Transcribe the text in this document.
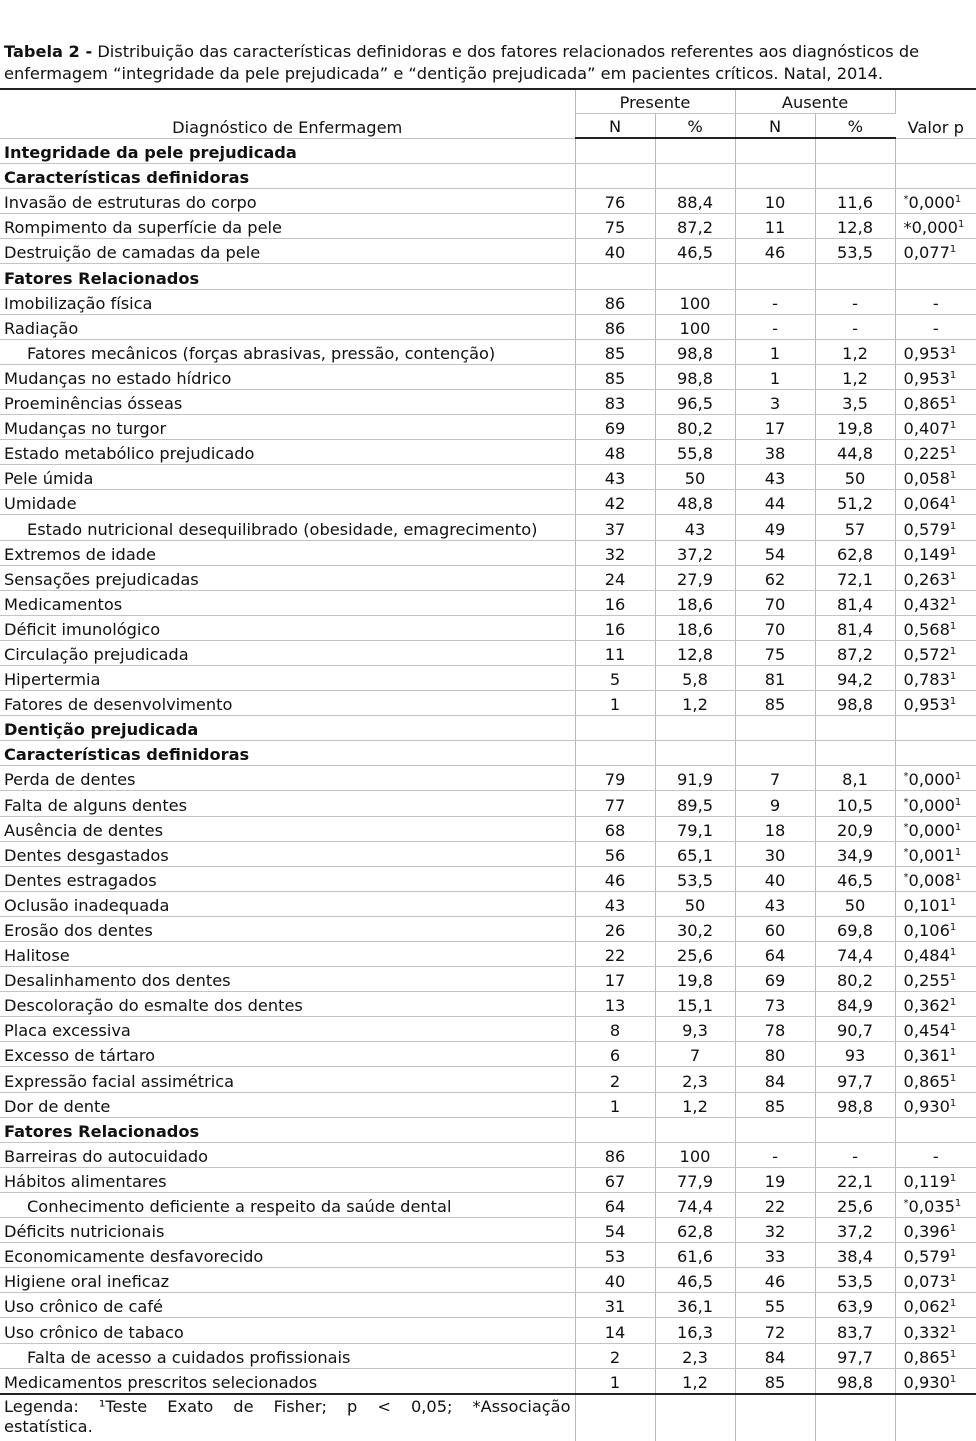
Tabela 2 - Distribuição das características definidoras e dos fatores relacionados referentes aos diagnósticos de enfermagem “integridade da pele prejudicada” e “dentição prejudicada” em pacientes críticos. Natal, 2014.
Diagnóstico de Enfermagem	Presente		Ausente		Valor p
	N	%	N	%	
Integridade da pele prejudicada					
Características definidoras					
Invasão de estruturas do corpo	76	88,4	10	11,6	*0,000$^1$
Rompimento da superfície da pele	75	87,2	11	12,8	*0,000$^1$
Destruição de camadas da pele	40	46,5	46	53,5	0,077$^1$
Fatores Relacionados					
Imobilização física	86	100	-	-	-
Radiação	86	100	-	-	-
Fatores mecânicos (forças abrasivas, pressão, contenção)	85	98,8	1	1,2	0,953$^1$
Mudanças no estado hídrico	85	98,8	1	1,2	0,953$^1$
Proeminências ósseas	83	96,5	3	3,5	0,865$^1$
Mudanças no turgor	69	80,2	17	19,8	0,407$^1$
Estado metabólico prejudicado	48	55,8	38	44,8	0,225$^1$
Pele úmida	43	50	43	50	0,058$^1$
Umidade	42	48,8	44	51,2	0,064$^1$
Estado nutricional desequilibrado (obesidade, emagrecimento)	37	43	49	57	0,579$^1$
Extremos de idade	32	37,2	54	62,8	0,149$^1$
Sensações prejudicadas	24	27,9	62	72,1	0,263$^1$
Medicamentos	16	18,6	70	81,4	0,432$^1$
Déficit imunológico	16	18,6	70	81,4	0,568$^1$
Circulação prejudicada	11	12,8	75	87,2	0,572$^1$
Hipertermia	5	5,8	81	94,2	0,783$^1$
Fatores de desenvolvimento	1	1,2	85	98,8	0,953$^1$
Dentição prejudicada					
Características definidoras					
Perda de dentes	79	91,9	7	8,1	*0,000$^1$
Falta de alguns dentes	77	89,5	9	10,5	*0,000$^1$
Ausência de dentes	68	79,1	18	20,9	*0,000$^1$
Dentes desgastados	56	65,1	30	34,9	*0,001$^1$
Dentes estragados	46	53,5	40	46,5	*0,008$^1$
Oclusão inadequada	43	50	43	50	0,101$^1$
Erosão dos dentes	26	30,2	60	69,8	0,106$^1$
Halitose	22	25,6	64	74,4	0,484$^1$
Desalinhamento dos dentes	17	19,8	69	80,2	0,255$^1$
Descoloração do esmalte dos dentes	13	15,1	73	84,9	0,362$^1$
Placa excessiva	8	9,3	78	90,7	0,454$^1$
Excesso de tártaro	6	7	80	93	0,361$^1$
Expressão facial assimétrica	2	2,3	84	97,7	0,865$^1$
Dor de dente	1	1,2	85	98,8	0,930$^1$
Fatores Relacionados					
Barreiras do autocuidado	86	100	-	-	-
Hábitos alimentares	67	77,9	19	22,1	0,119$^1$
Conhecimento deficiente a respeito da saúde dental	64	74,4	22	25,6	*0,035$^1$
Déficits nutricionais	54	62,8	32	37,2	0,396$^1$
Economicamente desfavorecido	53	61,6	33	38,4	0,579$^1$
Higiene oral ineficaz	40	46,5	46	53,5	0,073$^1$
Uso crônico de café	31	36,1	55	63,9	0,062$^1$
Uso crônico de tabaco	14	16,3	72	83,7	0,332$^1$
Falta de acesso a cuidados profissionais	2	2,3	84	97,7	0,865$^1$
Medicamentos prescritos selecionados	1	1,2	85	98,8	0,930$^1$

Legenda: ¹Teste Exato de Fisher; p < 0,05; *Associação
estatística.					
